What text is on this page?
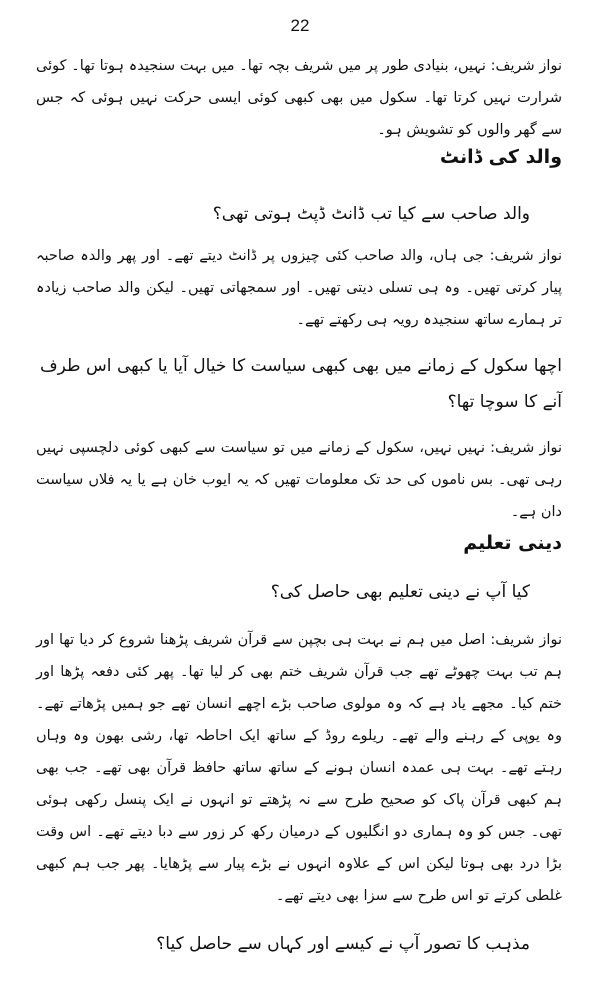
22

نواز شریف: نہیں، بنیادی طور پر میں شریف بچہ تھا۔ میں بہت سنجیدہ ہوتا تھا۔ کوئی شرارت نہیں کرتا تھا۔ سکول میں بھی کبھی کوئی ایسی حرکت نہیں ہوئی کہ جس سے گھر والوں کو تشویش ہو۔

والد کی ڈانٹ
والد صاحب سے کیا تب ڈانٹ ڈپٹ ہوتی تھی؟

نواز شریف: جی ہاں، والد صاحب کئی چیزوں پر ڈانٹ دیتے تھے۔ اور پھر والدہ صاحبہ پیار کرتی تھیں۔ وہ ہی تسلی دیتی تھیں۔ اور سمجھاتی تھیں۔ لیکن والد صاحب زیادہ تر ہمارے ساتھ سنجیدہ رویہ ہی رکھتے تھے۔

اچھا سکول کے زمانے میں بھی کبھی سیاست کا خیال آیا یا کبھی اس طرف آنے کا سوچا تھا؟

نواز شریف: نہیں نہیں، سکول کے زمانے میں تو سیاست سے کبھی کوئی دلچسپی نہیں رہی تھی۔ بس ناموں کی حد تک معلومات تھیں کہ یہ ایوب خان ہے یا یہ فلاں سیاست دان ہے۔

دینی تعلیم
کیا آپ نے دینی تعلیم بھی حاصل کی؟

نواز شریف: اصل میں ہم نے بہت ہی بچپن سے قرآن شریف پڑھنا شروع کر دیا تھا اور ہم تب بہت چھوٹے تھے جب قرآن شریف ختم بھی کر لیا تھا۔ پھر کئی دفعہ پڑھا اور ختم کیا۔ مجھے یاد ہے کہ وہ مولوی صاحب بڑے اچھے انسان تھے جو ہمیں پڑھاتے تھے۔ وہ یوپی کے رہنے والے تھے۔ ریلوے روڈ کے ساتھ ایک احاطہ تھا، رشی بھون وہ وہاں رہتے تھے۔ بہت ہی عمدہ انسان ہونے کے ساتھ ساتھ حافظ قرآن بھی تھے۔ جب بھی ہم کبھی قرآن پاک کو صحیح طرح سے نہ پڑھتے تو انہوں نے ایک پنسل رکھی ہوئی تھی۔ جس کو وہ ہماری دو انگلیوں کے درمیان رکھ کر زور سے دبا دیتے تھے۔ اس وقت بڑا درد بھی ہوتا لیکن اس کے علاوہ انہوں نے بڑے پیار سے پڑھایا۔ پھر جب ہم کبھی غلطی کرتے تو اس طرح سے سزا بھی دیتے تھے۔

مذہب کا تصور آپ نے کیسے اور کہاں سے حاصل کیا؟
